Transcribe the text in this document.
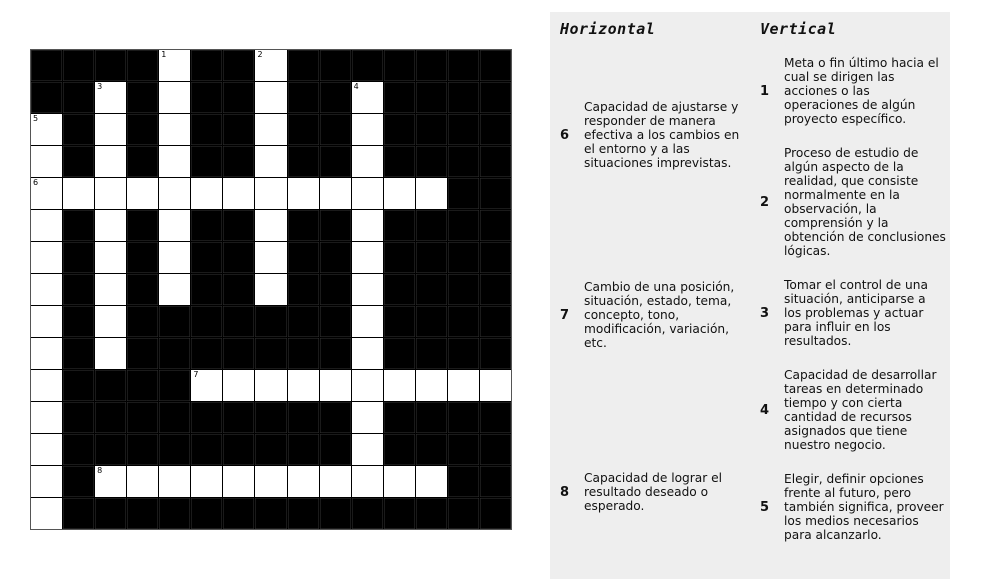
1	2
3	4
5
6
7
8
Horizontal	Vertical
6
Capacidad de ajustarse y responder de manera efectiva a los cambios en el entorno y a las situaciones imprevistas.
7
Cambio de una posición, situación, estado, tema, concepto, tono, modificación, variación, etc.
8
Capacidad de lograr el resultado deseado o esperado.
1
Meta o fin último hacia el cual se dirigen las acciones o las operaciones de algún proyecto específico.
2
Proceso de estudio de algún aspecto de la realidad, que consiste normalmente en la observación, la comprensión y la obtención de conclusiones lógicas.
3
Tomar el control de una situación, anticiparse a los problemas y actuar para influir en los resultados.
4
Capacidad de desarrollar tareas en determinado tiempo y con cierta cantidad de recursos asignados que tiene nuestro negocio.
5
Elegir, definir opciones frente al futuro, pero también significa, proveer los medios necesarios para alcanzarlo.
